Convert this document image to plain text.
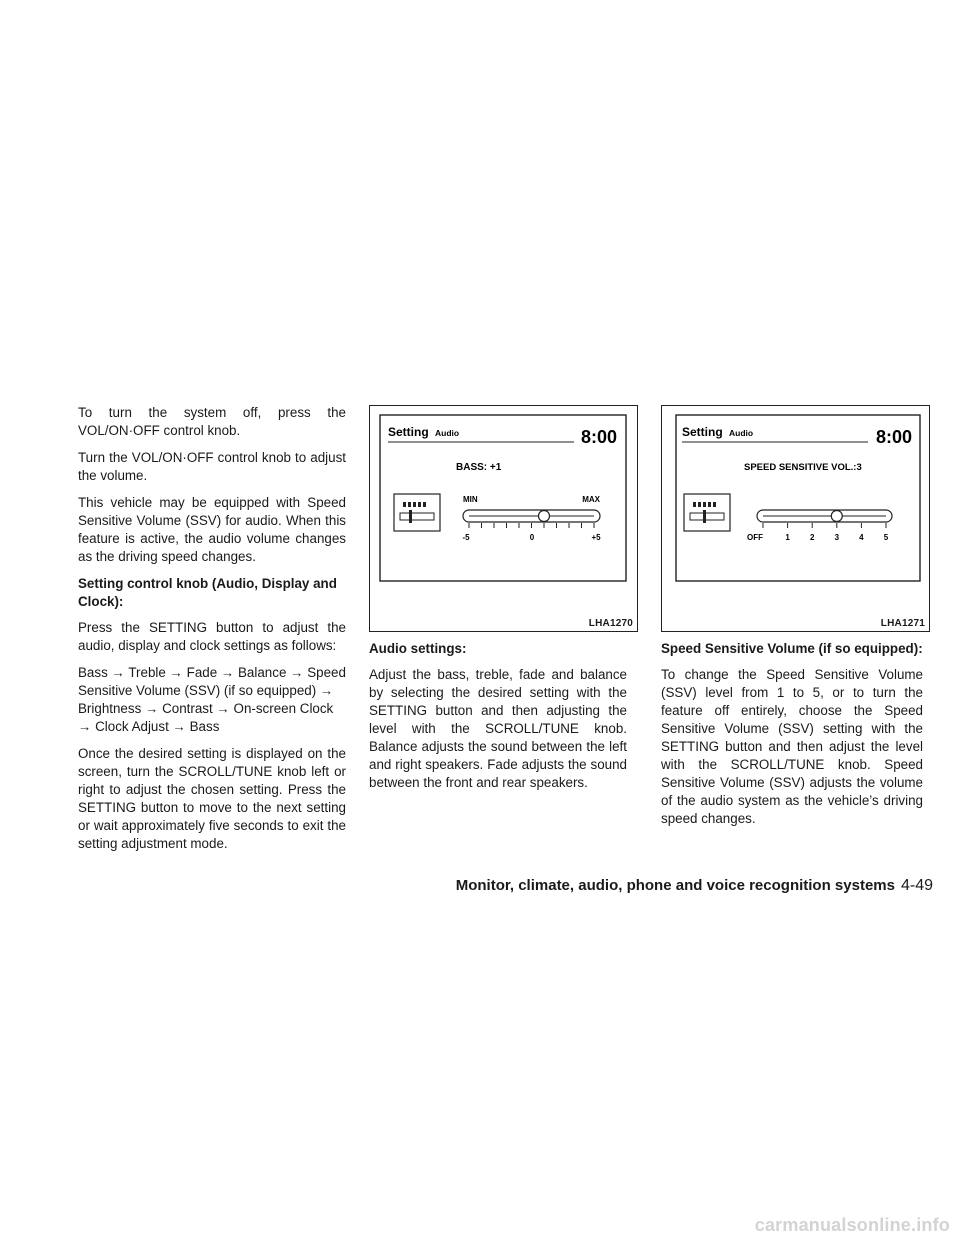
To turn the system off, press the VOL/ON·OFF control knob.

Turn the VOL/ON·OFF control knob to adjust the volume.

This vehicle may be equipped with Speed Sensitive Volume (SSV) for audio. When this feature is active, the audio volume changes as the driving speed changes.

Setting control knob (Audio, Display and Clock):

Press the SETTING button to adjust the audio, display and clock settings as follows:

Bass → Treble → Fade → Balance → Speed Sensitive Volume (SSV) (if so equipped) → Brightness → Contrast → On-screen Clock → Clock Adjust → Bass

Once the desired setting is displayed on the screen, turn the SCROLL/TUNE knob left or right to adjust the chosen setting. Press the SETTING button to move to the next setting or wait approximately five seconds to exit the setting adjustment mode.

Setting Audio	8:00
BASS: +1
MIN	MAX
-5	0	+5
LHA1270
Setting Audio	8:00
SPEED SENSITIVE VOL.:3
OFF	1	2	3	4	5
LHA1271
Audio settings:

Adjust the bass, treble, fade and balance by selecting the desired setting with the SETTING button and then adjusting the level with the SCROLL/TUNE knob. Balance adjusts the sound between the left and right speakers. Fade adjusts the sound between the front and rear speakers.

Speed Sensitive Volume (if so equipped):

To change the Speed Sensitive Volume (SSV) level from 1 to 5, or to turn the feature off entirely, choose the Speed Sensitive Volume (SSV) setting with the SETTING button and then adjust the level with the SCROLL/TUNE knob. Speed Sensitive Volume (SSV) adjusts the volume of the audio system as the vehicle’s driving speed changes.

Monitor, climate, audio, phone and voice recognition systems 4-49
carmanualsonline.info
